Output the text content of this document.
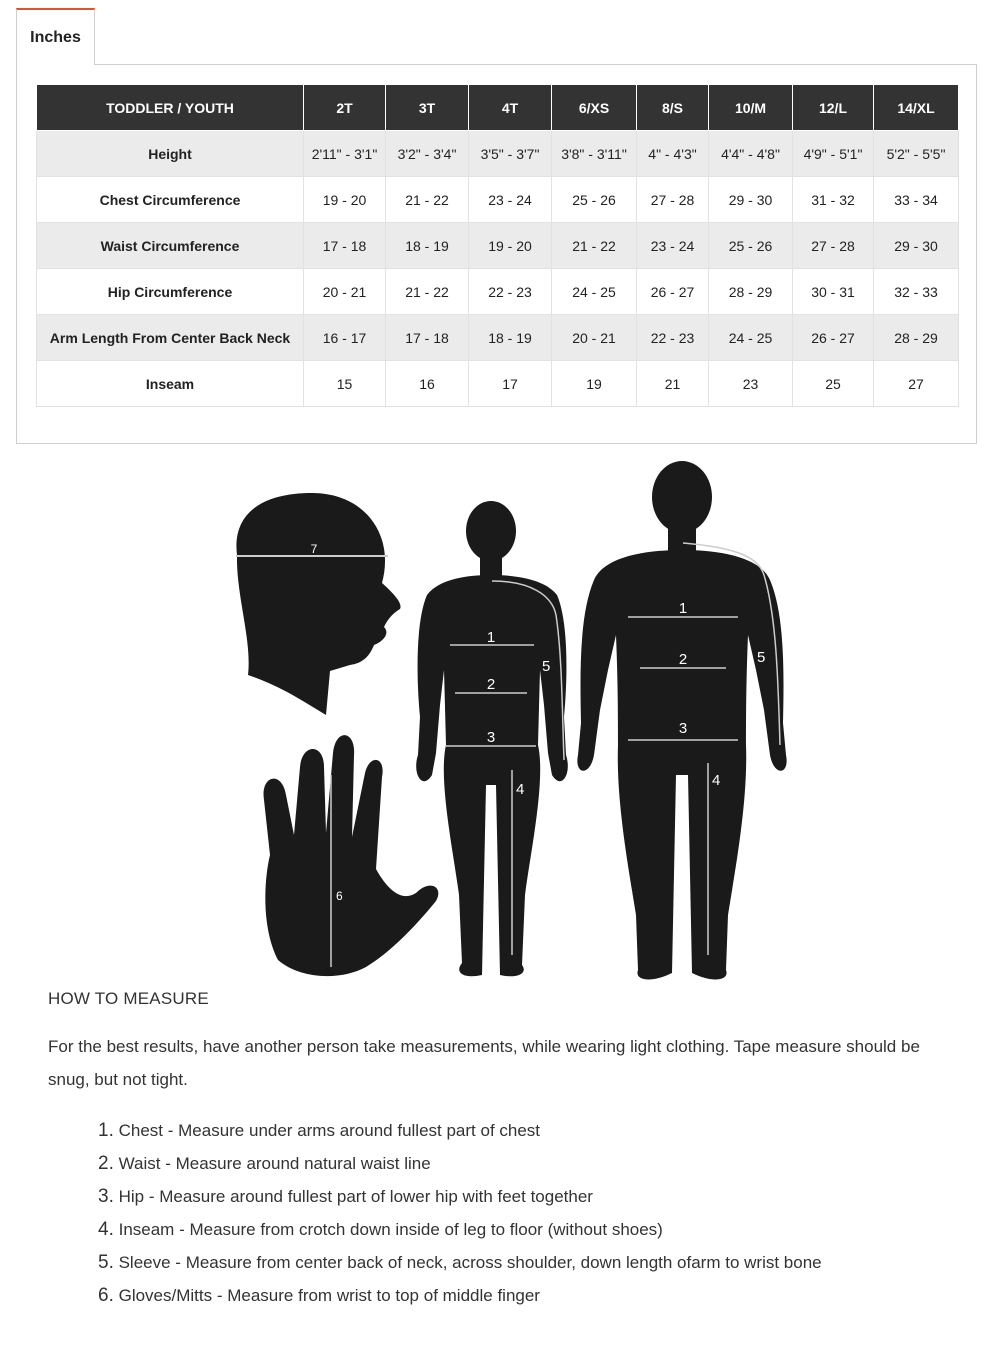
Inches
TODDLER / YOUTH	2T	3T	4T	6/XS	8/S	10/M	12/L	14/XL
Height	2'11" - 3'1"	3'2" - 3'4"	3'5" - 3'7"	3'8" - 3'11"	4" - 4'3"	4'4" - 4'8"	4'9" - 5'1"	5'2" - 5'5"
Chest Circumference	19 - 20	21 - 22	23 - 24	25 - 26	27 - 28	29 - 30	31 - 32	33 - 34
Waist Circumference	17 - 18	18 - 19	19 - 20	21 - 22	23 - 24	25 - 26	27 - 28	29 - 30
Hip Circumference	20 - 21	21 - 22	22 - 23	24 - 25	26 - 27	28 - 29	30 - 31	32 - 33
Arm Length From Center Back Neck	16 - 17	17 - 18	18 - 19	20 - 21	22 - 23	24 - 25	26 - 27	28 - 29
Inseam	15	16	17	19	21	23	25	27
7
6
1
2
3
4
5
1
2
3
4
5
HOW TO MEASURE

For the best results, have another person take measurements, while wearing light clothing. Tape measure should be snug, but not tight.

1. Chest - Measure under arms around fullest part of chest
2. Waist - Measure around natural waist line
3. Hip - Measure around fullest part of lower hip with feet together
4. Inseam - Measure from crotch down inside of leg to floor (without shoes)
5. Sleeve - Measure from center back of neck, across shoulder, down length ofarm to wrist bone
6. Gloves/Mitts - Measure from wrist to top of middle finger
